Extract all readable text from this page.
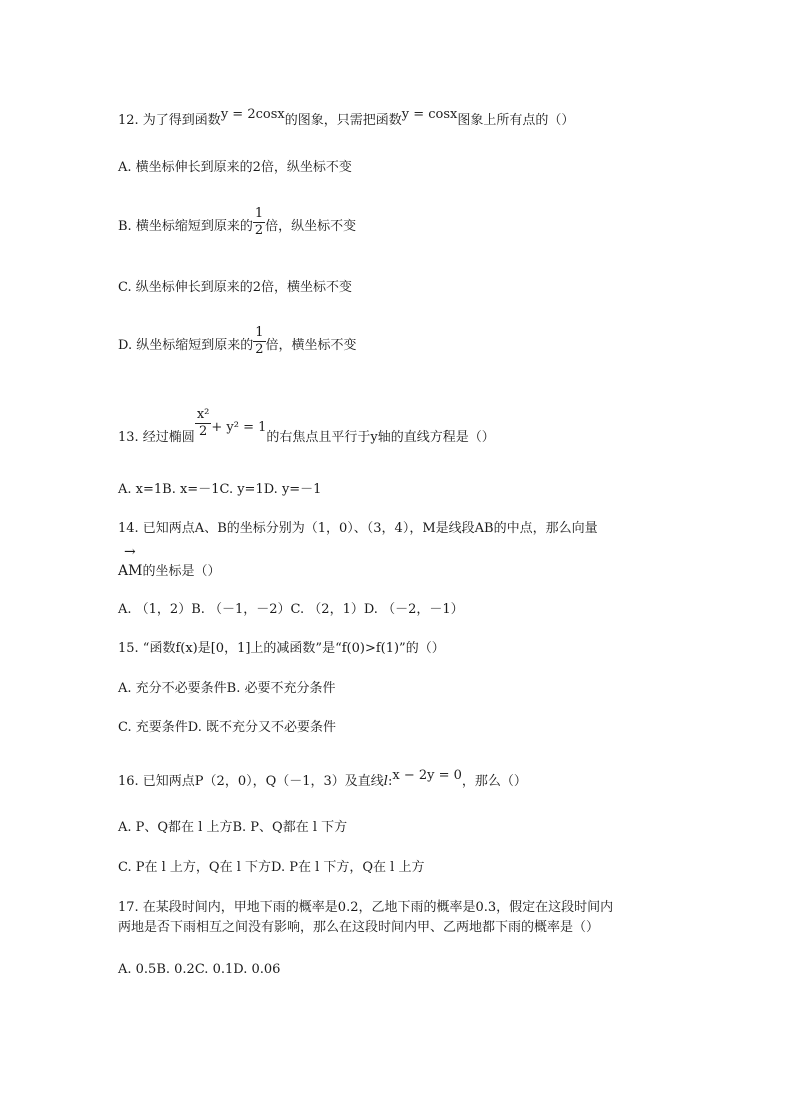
12. 为了得到函数y = 2cosx的图象，只需把函数y = cosx图象上所有点的（）
A. 横坐标伸长到原来的2倍，纵坐标不变
B. 横坐标缩短到原来的 $\frac{1}{2}$ 倍，纵坐标不变
C. 纵坐标伸长到原来的2倍，横坐标不变
D. 纵坐标缩短到原来的 $\frac{1}{2}$ 倍，横坐标不变
13. 经过椭圆 $\frac{\text{x²}}{2} + y^2 = 1$的右焦点且平行于y轴的直线方程是（）
A. x=1B. x=－1C. y=1D. y=－1
14. 已知两点A、B的坐标分别为（1，0）、（3，4），M是线段AB的中点，那么向量
→
AM的坐标是（）
A. （1，2）B. （－1，－2）C. （2，1）D. （－2，－1）
15. “函数f(x)是[0，1]上的减函数”是“f(0)>f(1)”的（）
A. 充分不必要条件B. 必要不充分条件
C. 充要条件D. 既不充分又不必要条件
16. 已知两点P（2，0），Q（－1，3）及直线l:x − 2y = 0，那么（）
A. P、Q都在 l 上方B. P、Q都在 l 下方
C. P在 l 上方，Q在 l 下方D. P在 l 下方，Q在 l 上方
17. 在某段时间内，甲地下雨的概率是0.2，乙地下雨的概率是0.3，假定在这段时间内
两地是否下雨相互之间没有影响，那么在这段时间内甲、乙两地都下雨的概率是（）
A. 0.5B. 0.2C. 0.1D. 0.06
